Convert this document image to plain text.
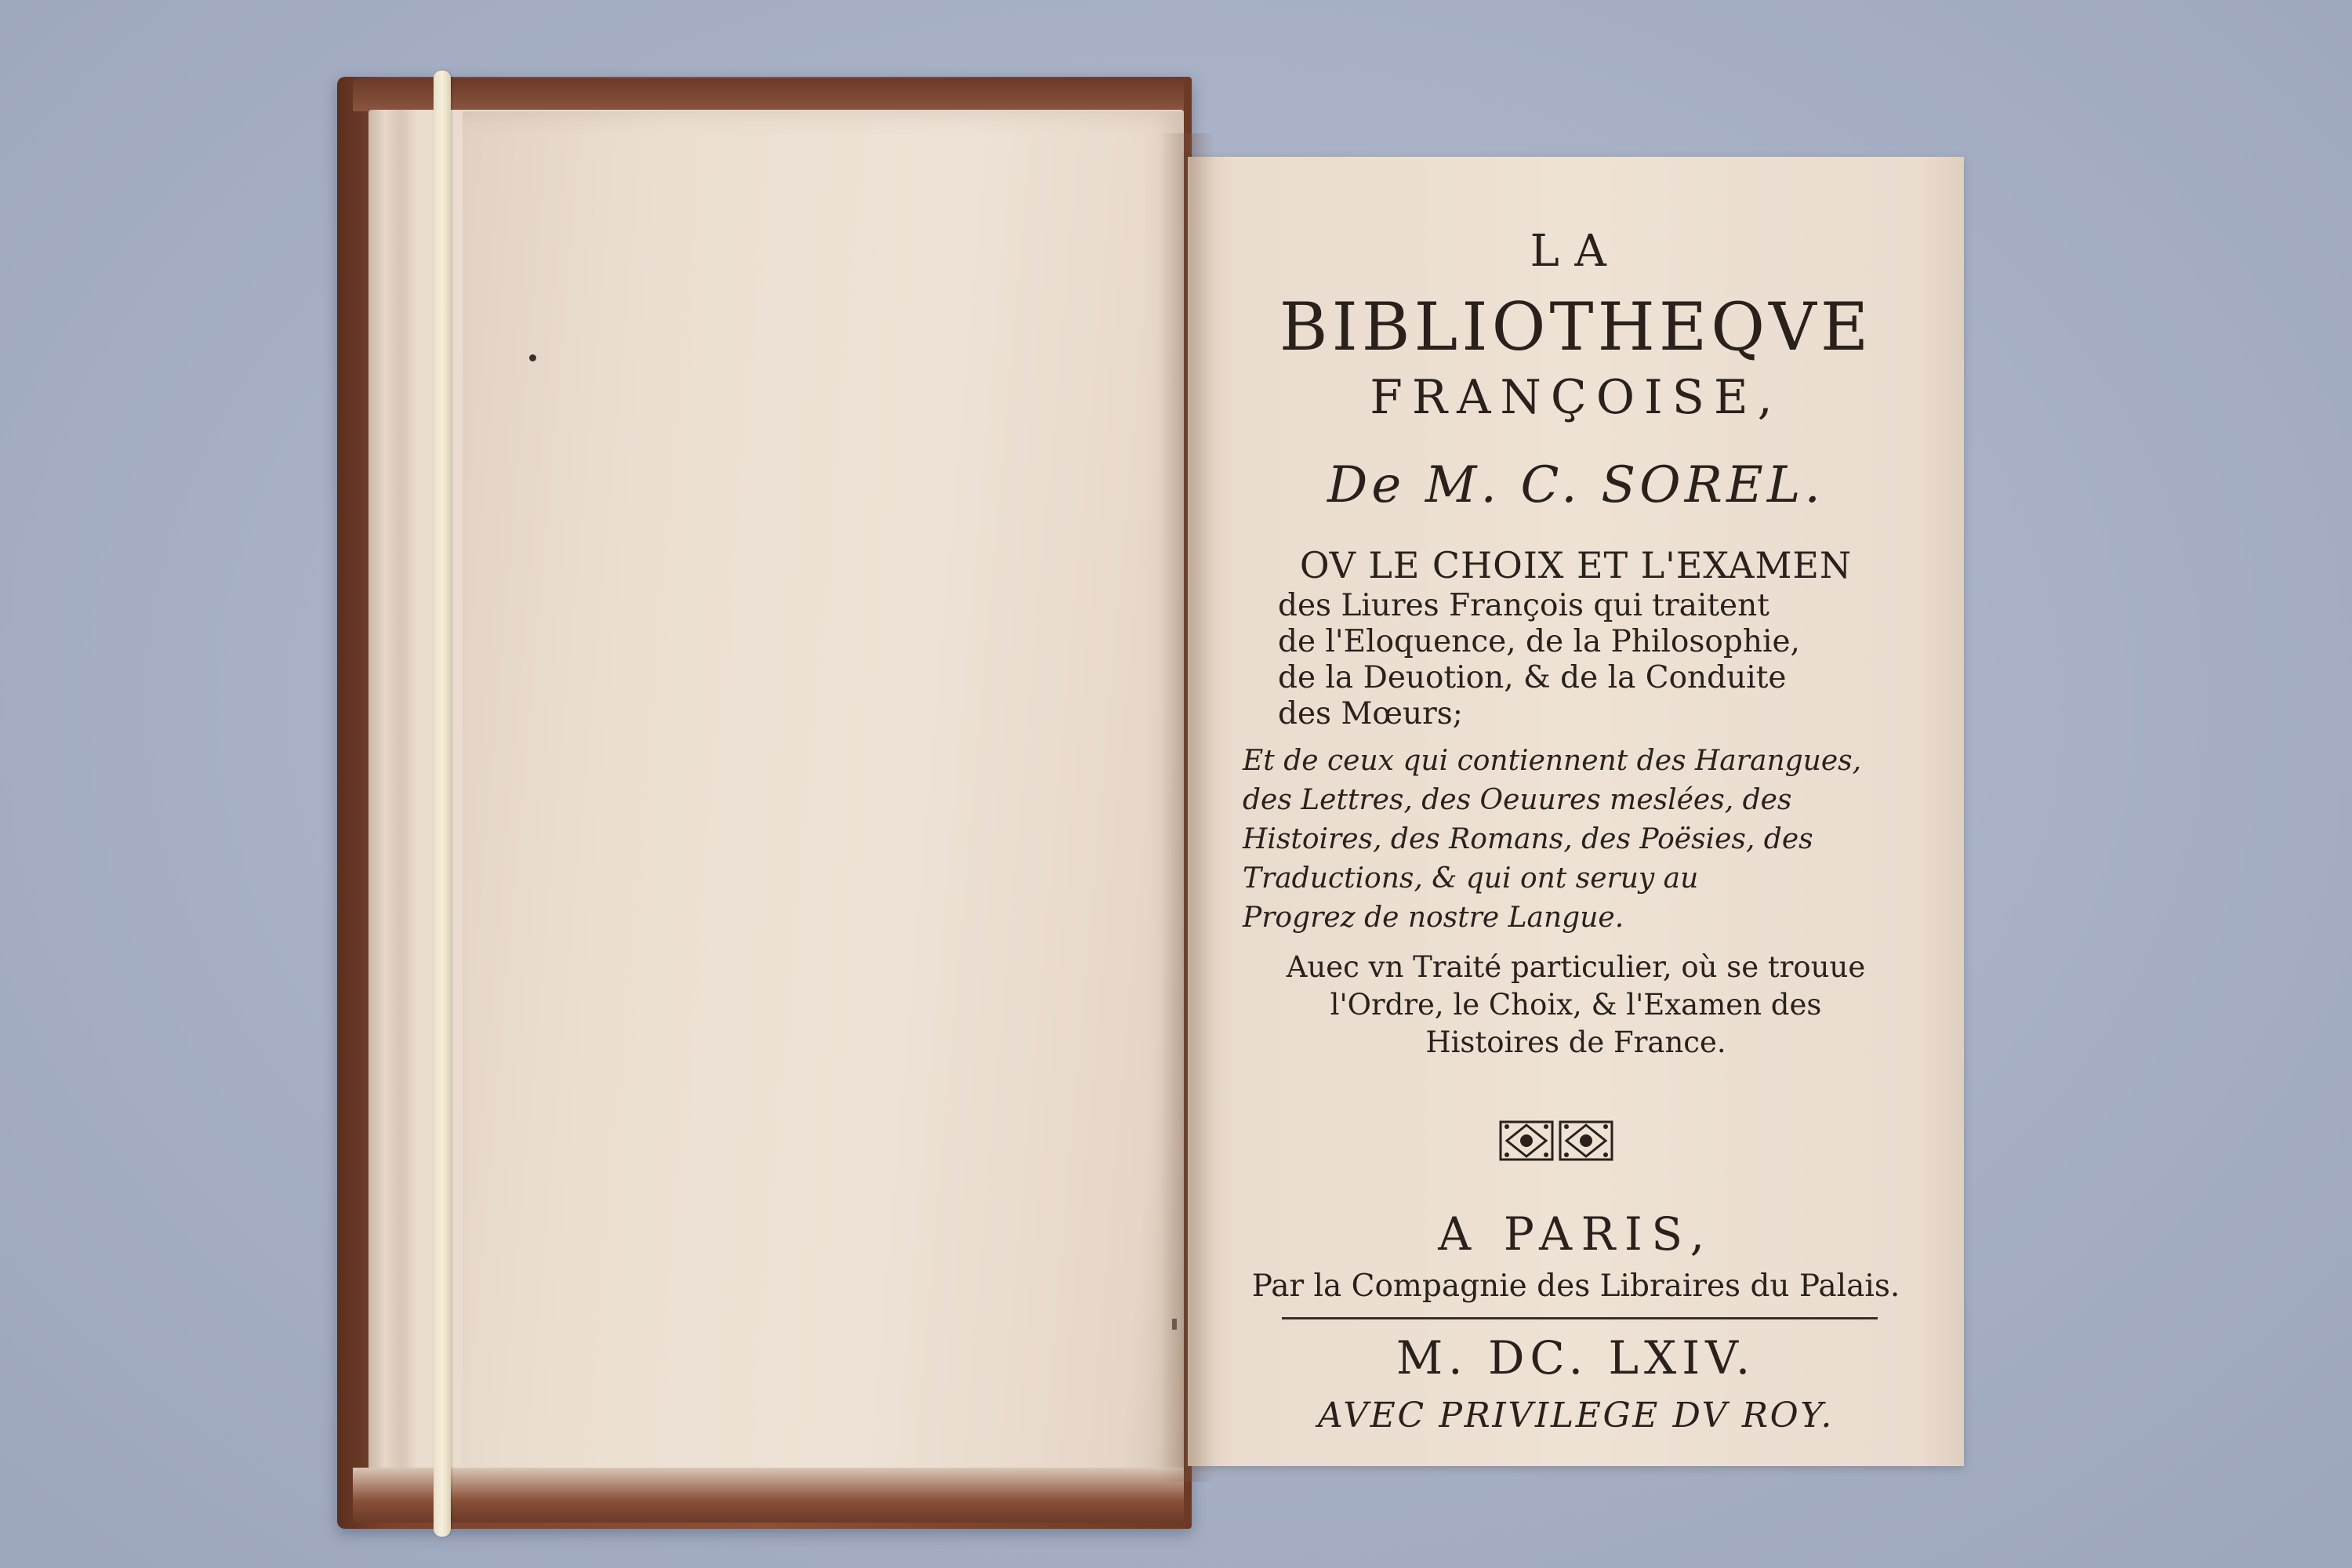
LA
BIBLIOTHEQVE
FRANÇOISE,
De M. C. SOREL.
OV LE CHOIX ET L'EXAMEN
des Liures François qui traitent
de l'Eloquence, de la Philosophie,
de la Deuotion, & de la Conduite
des Mœurs;
Et de ceux qui contiennent des Harangues,
des Lettres, des Oeuures meslées, des
Histoires, des Romans, des Poësies, des
Traductions, & qui ont seruy au
Progrez de nostre Langue.
Auec vn Traité particulier, où se trouue
l'Ordre, le Choix, & l'Examen des
Histoires de France.
A PARIS,
Par la Compagnie des Libraires du Palais.
M. DC. LXIV.
AVEC PRIVILEGE DV ROY.
